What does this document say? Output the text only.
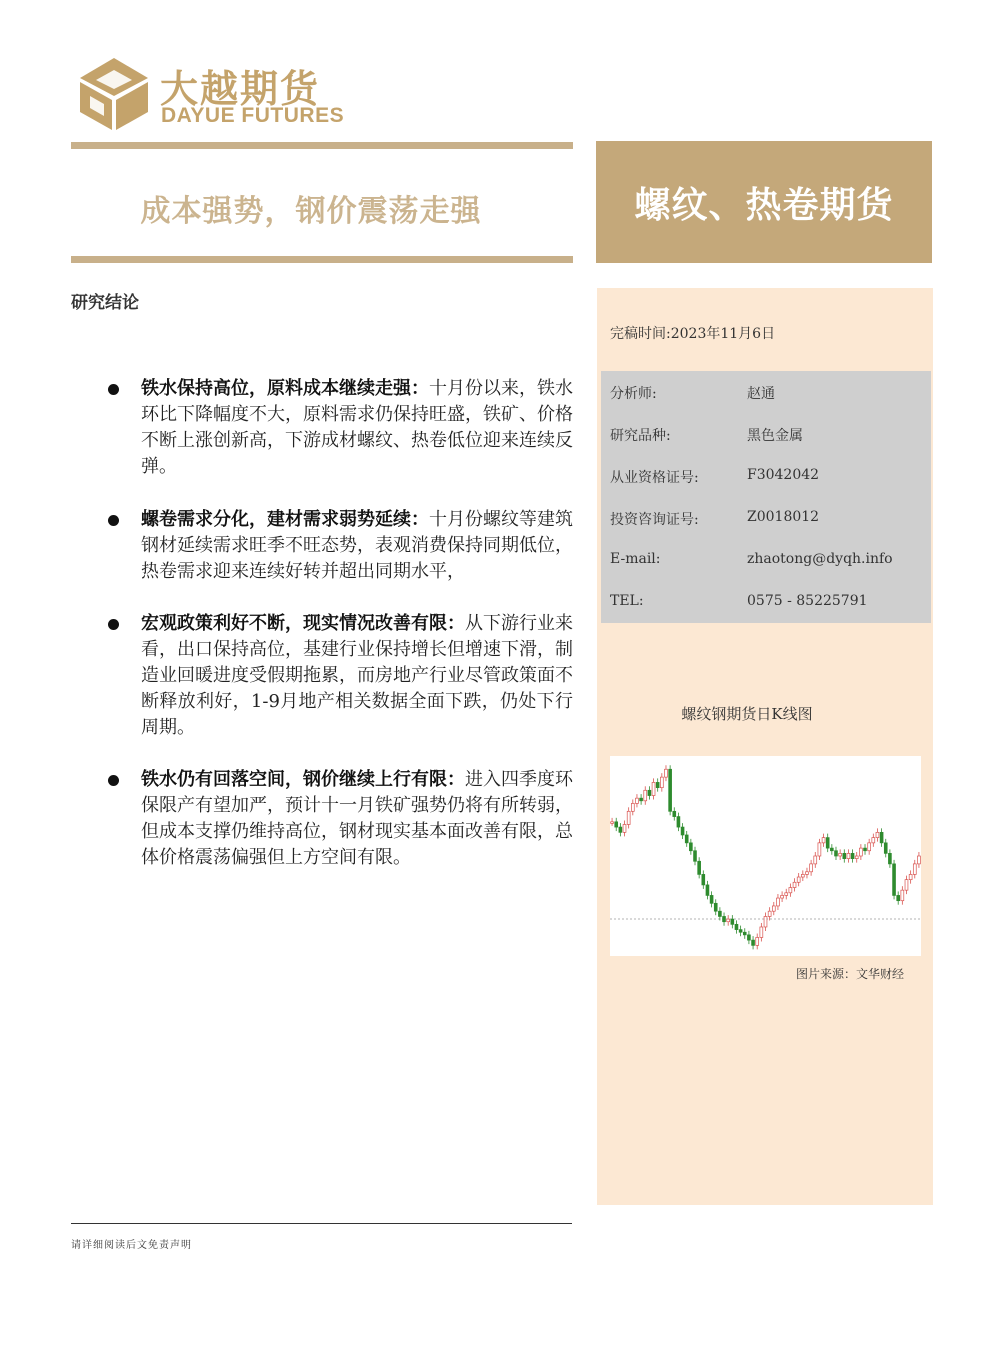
大越期货
DAYUE FUTURES
成本强势，钢价震荡走强	螺纹、热卷期货
完稿时间:2023年11月6日
分析师:	赵通
研究品种:	黑色金属
从业资格证号:	F3042042
投资咨询证号:	Z0018012
E-mail:	zhaotong@dyqh.info
TEL:	0575 - 85225791
螺纹钢期货日K线图
图片来源：文华财经
研究结论
铁水保持高位，原料成本继续走强：十月份以来，铁水环比下降幅度不大，原料需求仍保持旺盛，铁矿、价格不断上涨创新高，下游成材螺纹、热卷低位迎来连续反弹。
螺卷需求分化，建材需求弱势延续：十月份螺纹等建筑钢材延续需求旺季不旺态势，表观消费保持同期低位，热卷需求迎来连续好转并超出同期水平，
宏观政策利好不断，现实情况改善有限：从下游行业来看，出口保持高位，基建行业保持增长但增速下滑，制造业回暖进度受假期拖累，而房地产行业尽管政策面不断释放利好，1-9月地产相关数据全面下跌，仍处下行周期。
铁水仍有回落空间，钢价继续上行有限：进入四季度环保限产有望加严，预计十一月铁矿强势仍将有所转弱，但成本支撑仍维持高位，钢材现实基本面改善有限，总体价格震荡偏强但上方空间有限。
请详细阅读后文免责声明
